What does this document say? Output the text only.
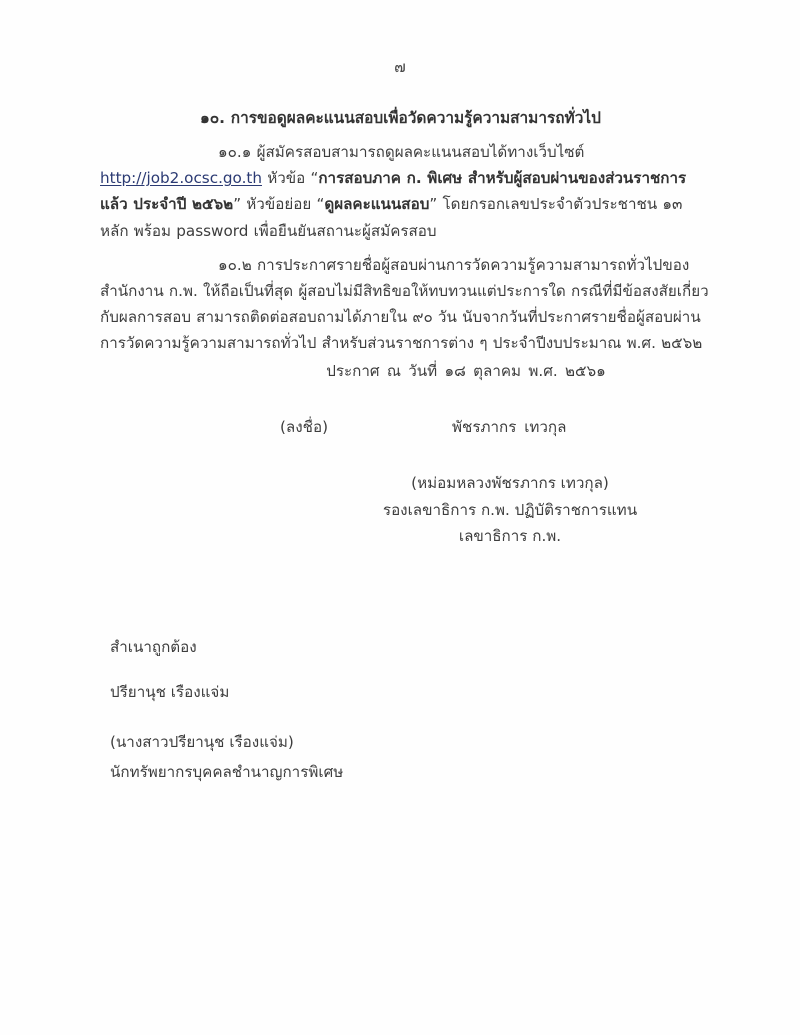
๗

๑๐. การขอดูผลคะแนนสอบเพื่อวัดความรู้ความสามารถทั่วไป

๑๐.๑ ผู้สมัครสอบสามารถดูผลคะแนนสอบได้ทางเว็บไซต์ http://job2.ocsc.go.th หัวข้อ “การสอบภาค ก. พิเศษ สำหรับผู้สอบผ่านของส่วนราชการแล้ว ประจำปี ๒๕๖๒” หัวข้อย่อย “ดูผลคะแนนสอบ” โดยกรอกเลขประจำตัวประชาชน ๑๓ หลัก พร้อม password เพื่อยืนยันสถานะผู้สมัครสอบ

๑๐.๒ การประกาศรายชื่อผู้สอบผ่านการวัดความรู้ความสามารถทั่วไปของสำนักงาน ก.พ. ให้ถือเป็นที่สุด ผู้สอบไม่มีสิทธิขอให้ทบทวนแต่ประการใด กรณีที่มีข้อสงสัยเกี่ยวกับผลการสอบ สามารถติดต่อสอบถามได้ภายใน ๙๐ วัน นับจากวันที่ประกาศรายชื่อผู้สอบผ่านการวัดความรู้ความสามารถทั่วไป สำหรับส่วนราชการต่าง ๆ ประจำปีงบประมาณ พ.ศ. ๒๕๖๒

ประกาศ ณ วันที่ ๑๘ ตุลาคม พ.ศ. ๒๕๖๑
(ลงชื่อ)	พัชรภากร เทวกุล
(หม่อมหลวงพัชรภากร เทวกุล)
รองเลขาธิการ ก.พ. ปฏิบัติราชการแทน
เลขาธิการ ก.พ.

สำเนาถูกต้อง

ปรียานุช เรืองแจ่ม

(นางสาวปรียานุช เรืองแจ่ม)

นักทรัพยากรบุคคลชำนาญการพิเศษ
